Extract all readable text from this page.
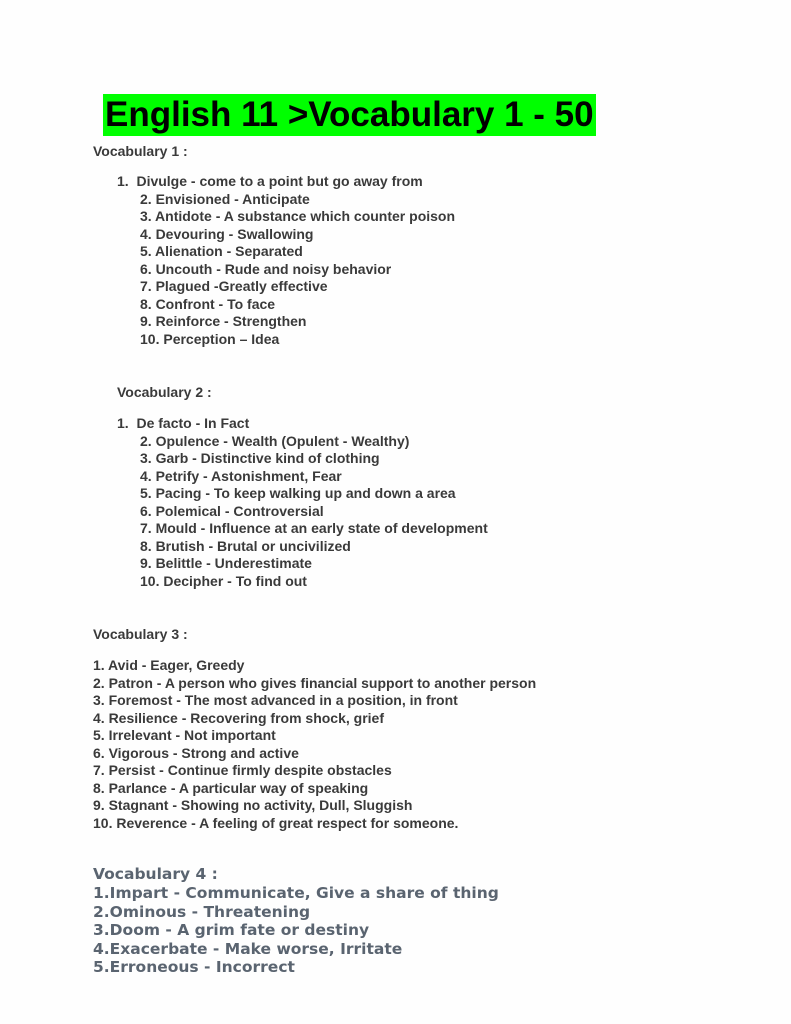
English 11 >Vocabulary 1 - 50
Vocabulary 1 :
1.  Divulge - come to a point but go away from
2. Envisioned - Anticipate
3. Antidote - A substance which counter poison
4. Devouring - Swallowing
5. Alienation - Separated
6. Uncouth - Rude and noisy behavior
7. Plagued -Greatly effective
8. Confront - To face
9. Reinforce - Strengthen
10. Perception – Idea
Vocabulary 2 :
1.  De facto - In Fact
2. Opulence - Wealth (Opulent - Wealthy)
3. Garb - Distinctive kind of clothing
4. Petrify - Astonishment, Fear
5. Pacing - To keep walking up and down a area
6. Polemical - Controversial
7. Mould - Influence at an early state of development
8. Brutish - Brutal or uncivilized
9. Belittle - Underestimate
10. Decipher - To find out
Vocabulary 3 :
1. Avid - Eager, Greedy
2. Patron - A person who gives financial support to another person
3. Foremost - The most advanced in a position, in front
4. Resilience - Recovering from shock, grief
5. Irrelevant - Not important
6. Vigorous - Strong and active
7. Persist - Continue firmly despite obstacles
8. Parlance - A particular way of speaking
9. Stagnant - Showing no activity, Dull, Sluggish
10. Reverence - A feeling of great respect for someone.
Vocabulary 4 :
1.Impart - Communicate, Give a share of thing
2.Ominous - Threatening
3.Doom - A grim fate or destiny
4.Exacerbate - Make worse, Irritate
5.Erroneous - Incorrect
